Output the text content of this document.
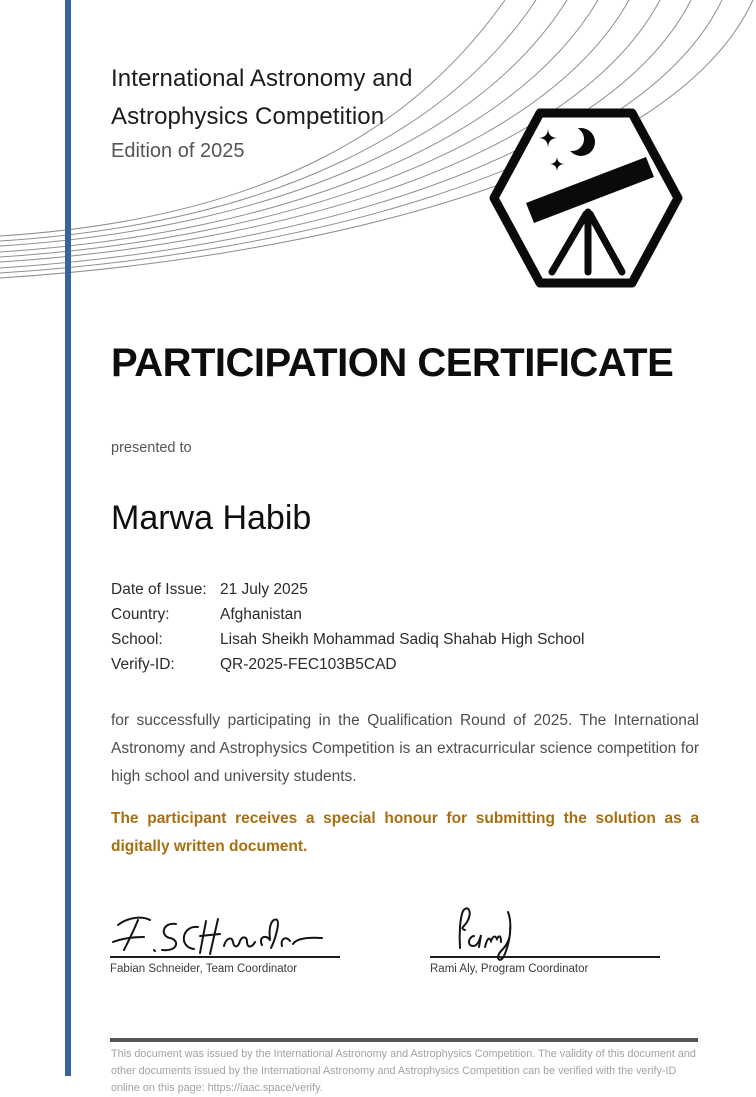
International Astronomy and
Astrophysics Competition
Edition of 2025
PARTICIPATION CERTIFICATE
presented to
Marwa Habib
Date of Issue: 21 July 2025
Country:	Afghanistan
School:	Lisah Sheikh Mohammad Sadiq Shahab High School
Verify-ID:	QR-2025-FEC103B5CAD
for successfully participating in the Qualification Round of 2025. The International Astronomy and Astrophysics Competition is an extracurricular science competition for high school and university students.
The participant receives a special honour for submitting the solution as a digitally written document.
Fabian Schneider, Team Coordinator	Rami Aly, Program Coordinator
This document was issued by the International Astronomy and Astrophysics Competition. The validity of this document and other documents issued by the International Astronomy and Astrophysics Competition can be verified with the verify-ID online on this page: https://iaac.space/verify.
